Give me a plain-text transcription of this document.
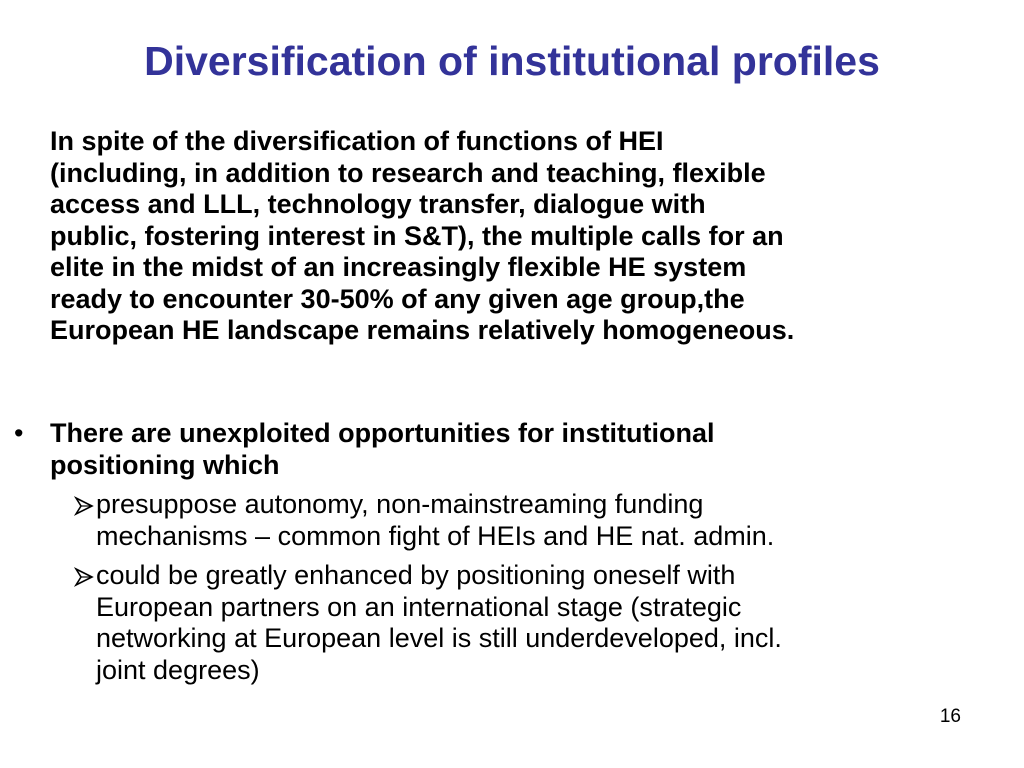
Diversification of institutional profiles

In spite of the diversification of functions of HEI
(including, in addition to research and teaching, flexible
access and LLL, technology transfer, dialogue with
public, fostering interest in S&T), the multiple calls for an
elite in the midst of an increasingly flexible HE system
ready to encounter 30-50% of any given age group,the
European HE landscape remains relatively homogeneous.

• There are unexploited opportunities for institutional
positioning which
presuppose autonomy, non-mainstreaming funding
mechanisms – common fight of HEIs and HE nat. admin.
could be greatly enhanced by positioning oneself with
European partners on an international stage (strategic
networking at European level is still underdeveloped, incl.
joint degrees)
16
